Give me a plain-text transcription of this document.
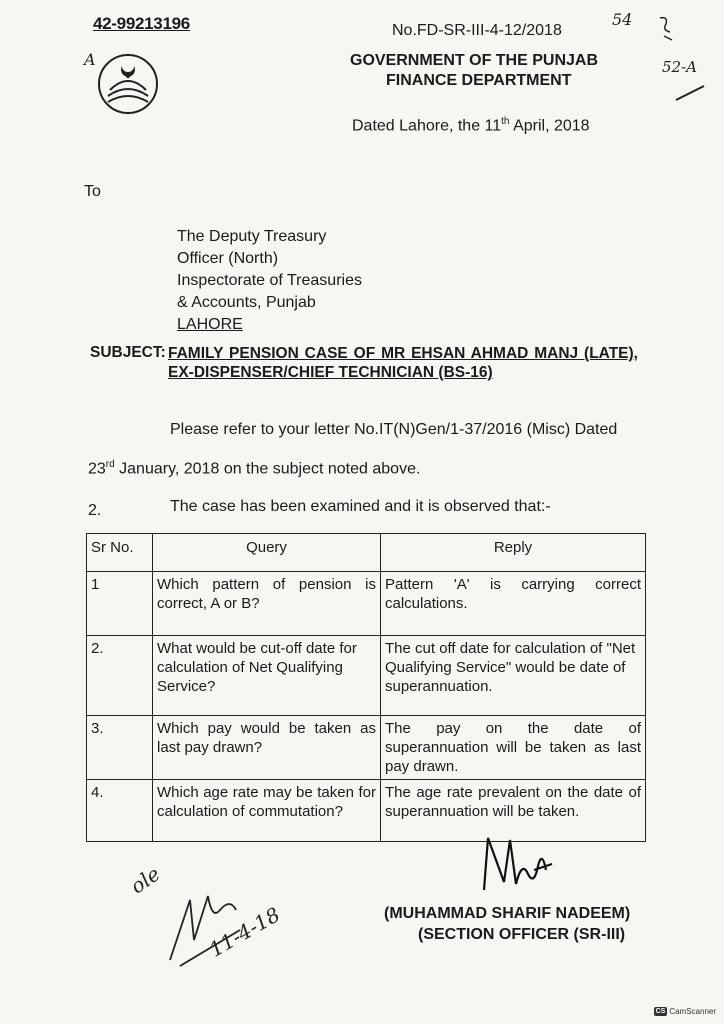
42-99213196	No.FD-SR-III-4-12/2018
GOVERNMENT OF THE PUNJAB
FINANCE DEPARTMENT
Dated Lahore, the 11th April, 2018
54
52-A
A
To
The Deputy Treasury
Officer (North)
Inspectorate of Treasuries
& Accounts, Punjab
LAHORE
SUBJECT: FAMILY PENSION CASE OF MR EHSAN AHMAD MANJ (LATE), EX-DISPENSER/CHIEF TECHNICIAN (BS-16)
Please refer to your letter No.IT(N)Gen/1-37/2016 (Misc) Dated
23rd January, 2018 on the subject noted above.
2.	The case has been examined and it is observed that:-
Sr No.	Query	Reply
1	Which pattern of pension is correct, A or B?	Pattern 'A' is carrying correct calculations.
2.	What would be cut-off date for calculation of Net Qualifying Service?	The cut off date for calculation of "Net Qualifying Service" would be date of superannuation.
3.	Which pay would be taken as last pay drawn?	The pay on the date of superannuation will be taken as last pay drawn.
4.	Which age rate may be taken for calculation of commutation?	The age rate prevalent on the date of superannuation will be taken.
(MUHAMMAD SHARIF NADEEM)
(SECTION OFFICER (SR-III)
ole
11-4-18
CS CamScanner
